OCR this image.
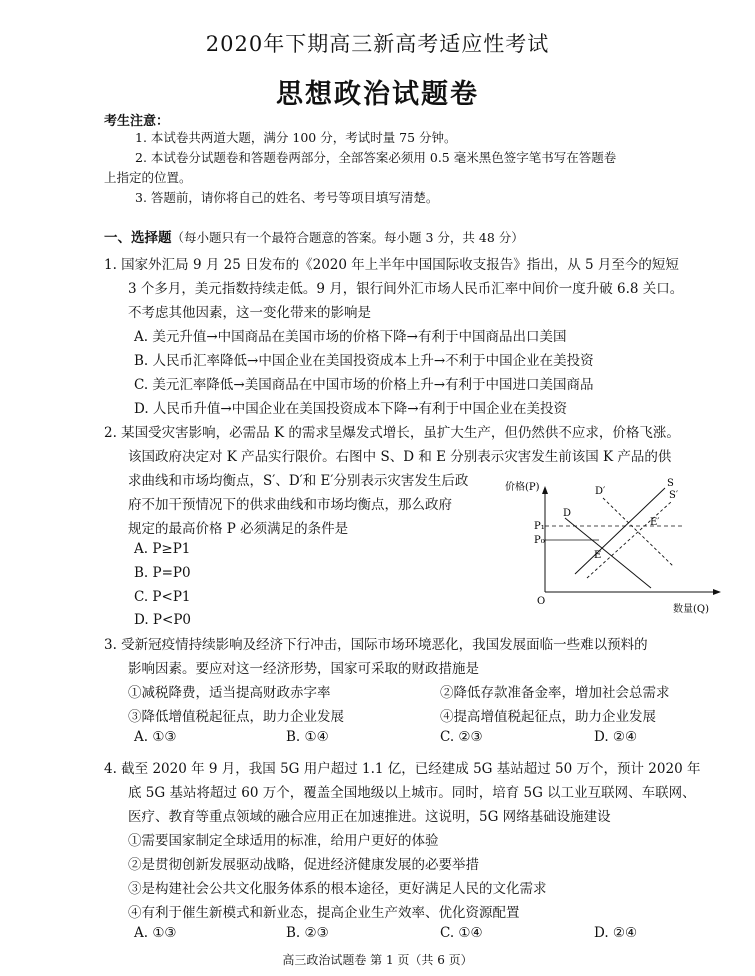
2020年下期高三新高考适应性考试
思想政治试题卷
考生注意：
1. 本试卷共两道大题，满分 100 分，考试时量 75 分钟。
2. 本试卷分试题卷和答题卷两部分，全部答案必须用 0.5 毫米黑色签字笔书写在答题卷
上指定的位置。
3. 答题前，请你将自己的姓名、考号等项目填写清楚。
一、选择题（每小题只有一个最符合题意的答案。每小题 3 分，共 48 分）
1. 国家外汇局 9 月 25 日发布的《2020 年上半年中国国际收支报告》指出，从 5 月至今的短短
3 个多月，美元指数持续走低。9 月，银行间外汇市场人民币汇率中间价一度升破 6.8 关口。
不考虑其他因素，这一变化带来的影响是
A. 美元升值→中国商品在美国市场的价格下降→有利于中国商品出口美国
B. 人民币汇率降低→中国企业在美国投资成本上升→不利于中国企业在美投资
C. 美元汇率降低→美国商品在中国市场的价格上升→有利于中国进口美国商品
D. 人民币升值→中国企业在美国投资成本下降→有利于中国企业在美投资
2. 某国受灾害影响，必需品 K 的需求呈爆发式增长，虽扩大生产，但仍然供不应求，价格飞涨。
该国政府决定对 K 产品实行限价。右图中 S、D 和 E 分别表示灾害发生前该国 K 产品的供
求曲线和市场均衡点，S′、D′和 E′分别表示灾害发生后政
府不加干预情况下的供求曲线和市场均衡点，那么政府
规定的最高价格 P 必须满足的条件是
A. P≥P1
B. P=P0
C. P<P1
D. P<P0
价格(P)
数量(Q)
O
P₁
P₀
S
S′
D
D′
E
E′
3. 受新冠疫情持续影响及经济下行冲击，国际市场环境恶化，我国发展面临一些难以预料的
影响因素。要应对这一经济形势，国家可采取的财政措施是
①减税降费，适当提高财政赤字率	②降低存款准备金率，增加社会总需求
③降低增值税起征点，助力企业发展	④提高增值税起征点，助力企业发展
A. ①③	B. ①④	C. ②③	D. ②④
4. 截至 2020 年 9 月，我国 5G 用户超过 1.1 亿，已经建成 5G 基站超过 50 万个，预计 2020 年
底 5G 基站将超过 60 万个，覆盖全国地级以上城市。同时，培育 5G 以工业互联网、车联网、
医疗、教育等重点领域的融合应用正在加速推进。这说明，5G 网络基础设施建设
①需要国家制定全球适用的标准，给用户更好的体验
②是贯彻创新发展驱动战略，促进经济健康发展的必要举措
③是构建社会公共文化服务体系的根本途径，更好满足人民的文化需求
④有利于催生新模式和新业态，提高企业生产效率、优化资源配置
A. ①③	B. ②③	C. ①④	D. ②④
高三政治试题卷 第 1 页（共 6 页）
